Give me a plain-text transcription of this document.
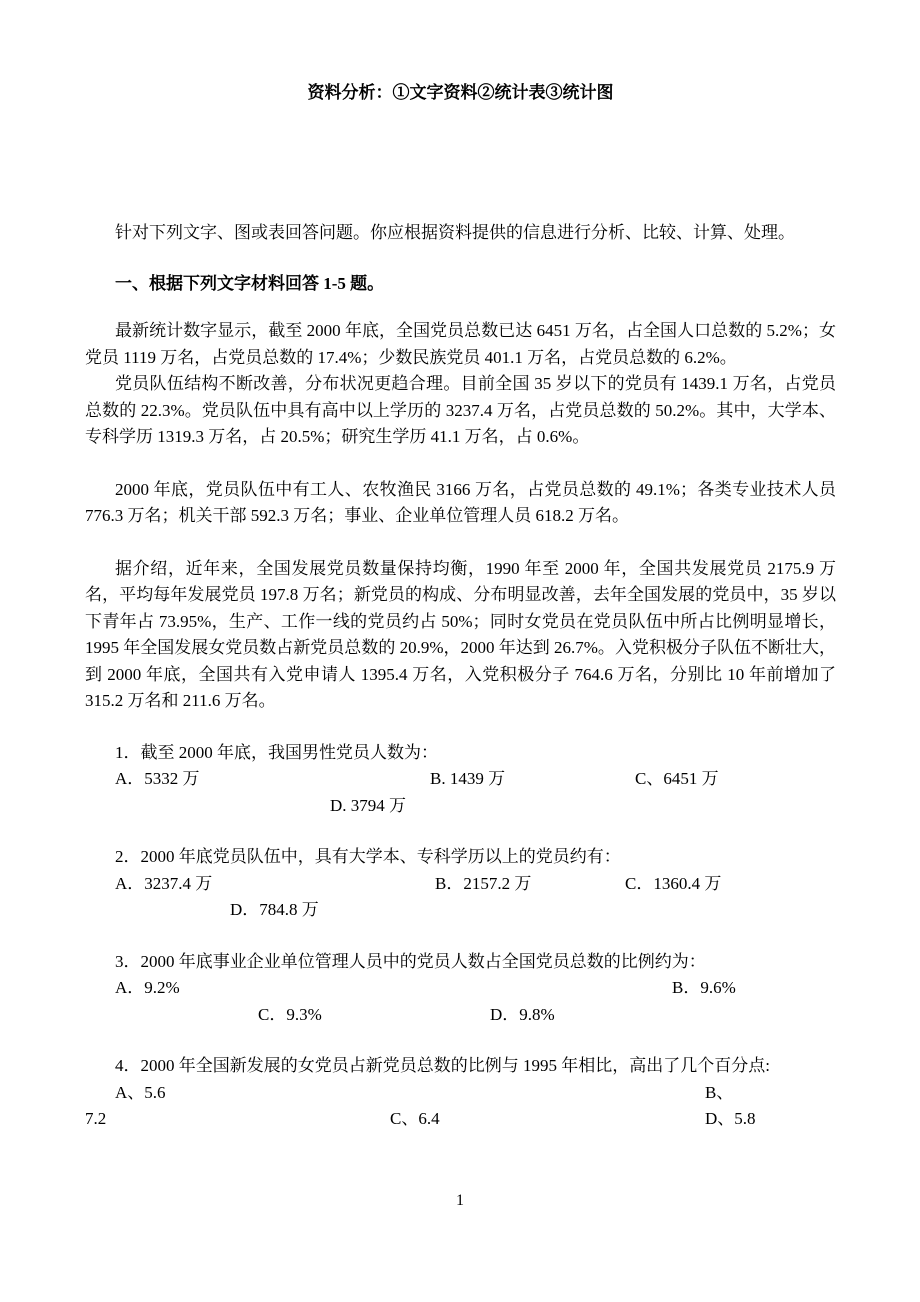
资料分析：①文字资料②统计表③统计图

针对下列文字、图或表回答问题。你应根据资料提供的信息进行分析、比较、计算、处理。

一、根据下列文字材料回答 1-5 题。

最新统计数字显示，截至 2000 年底，全国党员总数已达 6451 万名，占全国人口总数的 5.2%；女党员 1119 万名，占党员总数的 17.4%；少数民族党员 401.1 万名，占党员总数的 6.2%。

党员队伍结构不断改善，分布状况更趋合理。目前全国 35 岁以下的党员有 1439.1 万名，占党员总数的 22.3%。党员队伍中具有高中以上学历的 3237.4 万名，占党员总数的 50.2%。其中，大学本、专科学历 1319.3 万名，占 20.5%；研究生学历 41.1 万名，占 0.6%。

2000 年底，党员队伍中有工人、农牧渔民 3166 万名，占党员总数的 49.1%；各类专业技术人员 776.3 万名；机关干部 592.3 万名；事业、企业单位管理人员 618.2 万名。

据介绍，近年来，全国发展党员数量保持均衡，1990 年至 2000 年，全国共发展党员 2175.9 万名，平均每年发展党员 197.8 万名；新党员的构成、分布明显改善，去年全国发展的党员中，35 岁以下青年占 73.95%，生产、工作一线的党员约占 50%；同时女党员在党员队伍中所占比例明显增长，1995 年全国发展女党员数占新党员总数的 20.9%，2000 年达到 26.7%。入党积极分子队伍不断壮大，到 2000 年底，全国共有入党申请人 1395.4 万名，入党积极分子 764.6 万名，分别比 10 年前增加了 315.2 万名和 211.6 万名。

1．截至 2000 年底，我国男性党员人数为：
A．5332 万	B. 1439 万	C、6451 万
D. 3794 万
2．2000 年底党员队伍中，具有大学本、专科学历以上的党员约有：
A．3237.4 万	B．2157.2 万	C．1360.4 万
D．784.8 万
3．2000 年底事业企业单位管理人员中的党员人数占全国党员总数的比例约为：
A．9.2%	B．9.6%
C．9.3%	D．9.8%
4．2000 年全国新发展的女党员占新党员总数的比例与 1995 年相比，高出了几个百分点:
A、5.6	B、
7.2	C、6.4	D、5.8
1
